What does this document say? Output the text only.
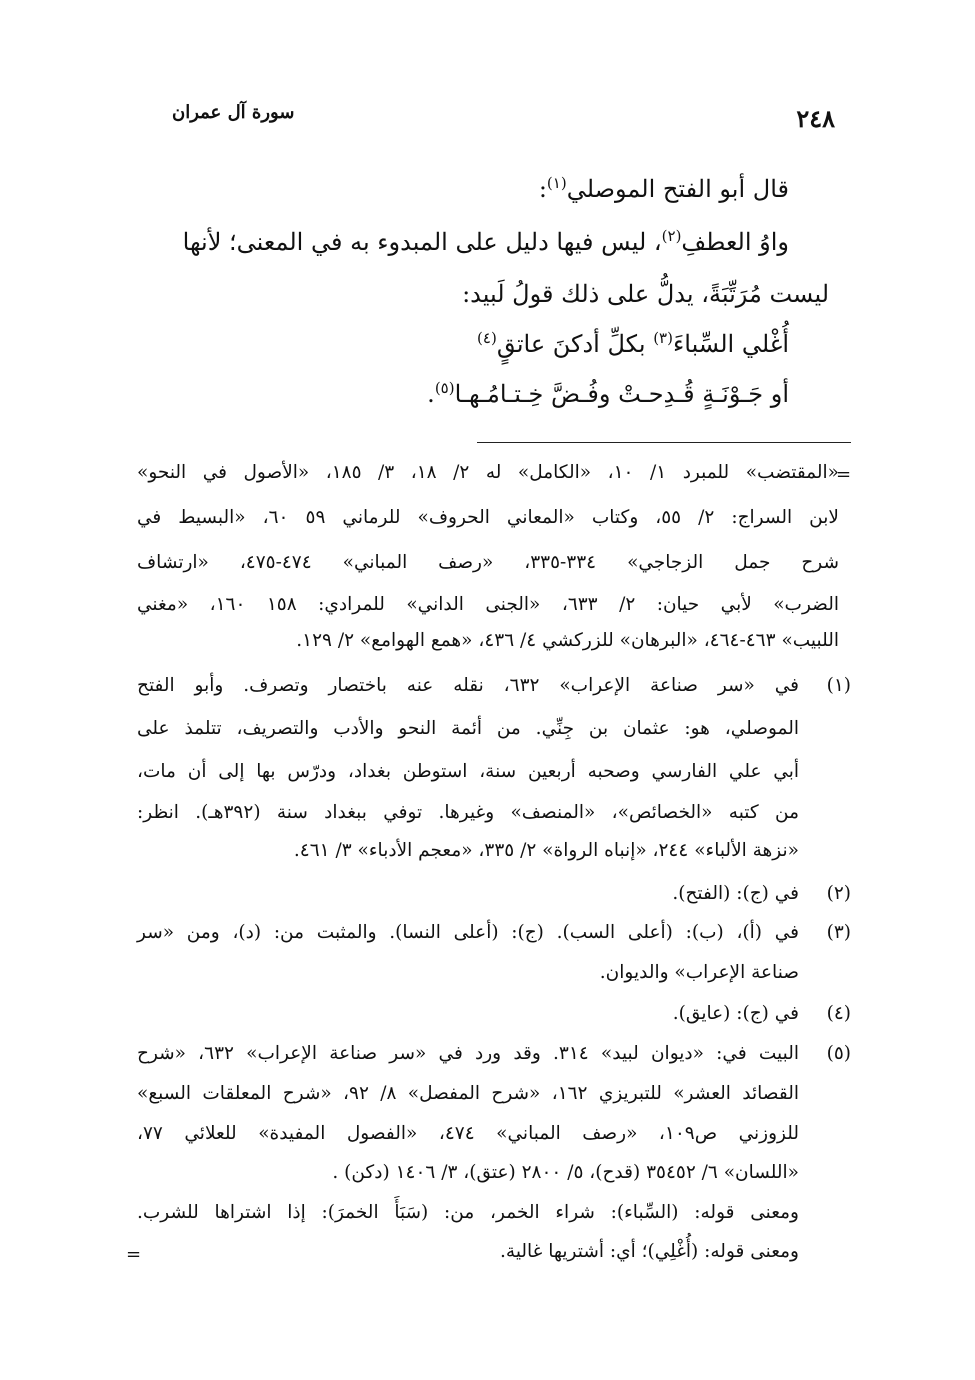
٢٤٨
سورة آل عمران
قال أبو الفتح الموصلي$^{(١)}$:
واوُ العطفِ$^{(٢)}$، ليس فيها دليل على المبدوء به في المعنى؛ لأنها
ليست مُرَتِّبَةً، يدلُّ على ذلك قولُ لَبيد:
أُغْلي السِّباءَ$^{(٣)}$ بكلِّ أدكنَ عاتقٍ$^{(٤)}$
أو جَـوْنَـةٍ قُـدِحـتْ وفُـضَّ خِـتـامُـهـا$^{(٥)}$.
=
«المقتضب» للمبرد ١/ ١٠، «الكامل» له ٢/ ١٨، ٣/ ١٨٥، «الأصول في النحو»
لابن السراج: ٢/ ٥٥، وكتاب «المعاني الحروف» للرماني ٥٩ ٦٠، «البسيط في
شرح جمل الزجاجي» ٣٣٤-٣٣٥، «رصف المباني» ٤٧٤-٤٧٥، «ارتشاف
الضرب» لأبي حيان: ٢/ ٦٣٣، «الجنى الداني» للمرادي: ١٥٨ ١٦٠، «مغني
اللبيب» ٤٦٣-٤٦٤، «البرهان» للزركشي ٤/ ٤٣٦، «همع الهوامع» ٢/ ١٢٩.
(١)
في «سر صناعة الإعراب» ٦٣٢، نقله عنه باختصار وتصرف. وأبو الفتح
الموصلي، هو: عثمان بن جِنِّي. من أئمة النحو والأدب والتصريف، تتلمذ على
أبي علي الفارسي وصحبه أربعين سنة، استوطن بغداد، ودرّس بها إلى أن مات،
من كتبه «الخصائص»، «المنصف» وغيرها. توفي ببغداد سنة (٣٩٢هـ). انظر:
«نزهة الألباء» ٢٤٤، «إنباه الرواة» ٢/ ٣٣٥، «معجم الأدباء» ٣/ ٤٦١.
(٢)
في (ج): (الفتح).
(٣)
في (أ)، (ب): (أعلى السب). (ج): (أعلى النسا). والمثبت من: (د)، ومن «سر
صناعة الإعراب» والديوان.
(٤)
في (ج): (عايق).
(٥)
البيت في: «ديوان لبيد» ٣١٤. وقد ورد في «سر صناعة الإعراب» ٦٣٢، «شرح
القصائد العشر» للتبريزي ١٦٢، «شرح المفصل» ٨/ ٩٢، «شرح المعلقات السبع»
للزوزني ص١٠٩، «رصف المباني» ٤٧٤، «الفصول المفيدة» للعلائي ٧٧،
«اللسان» ٦/ ٣٥٤٥٢ (قدح)، ٥/ ٢٨٠٠ (عتق)، ٣/ ١٤٠٦ (دكن) .
ومعنى قوله: (السِّباء): شراء الخمر، من: (سَبَأَ الخمرَ): إذا اشتراها للشرب.
ومعنى قوله: (أُغْلِي)؛ أي: أشتريها غالية.
=
